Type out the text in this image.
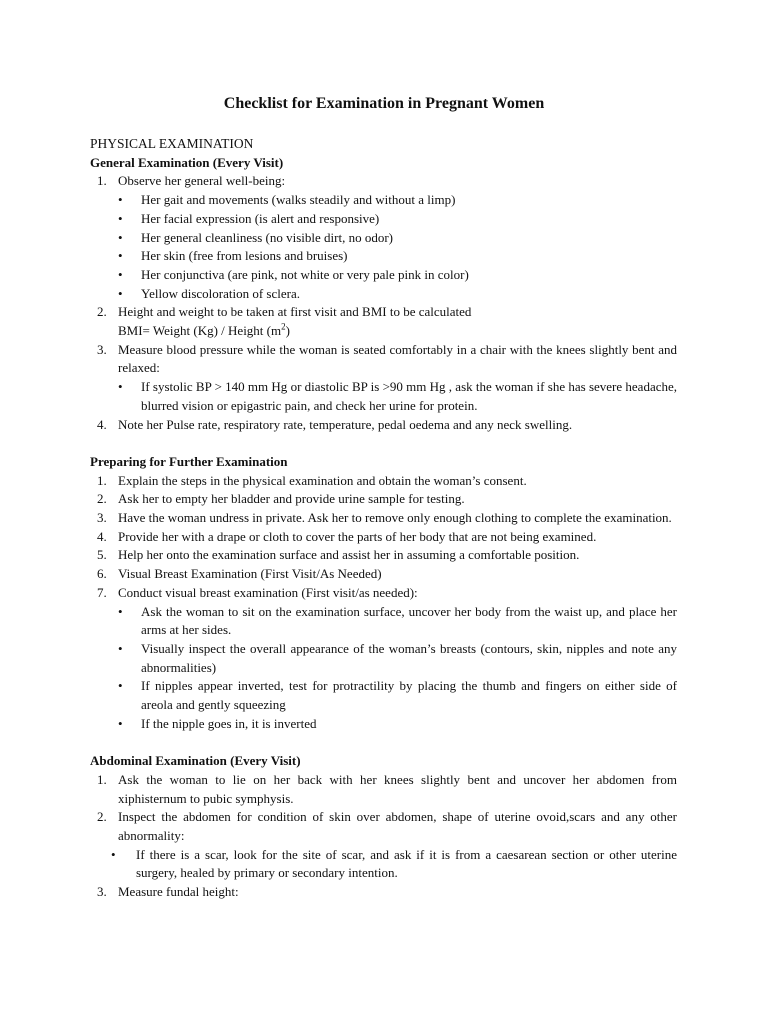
Checklist for Examination in Pregnant Women

PHYSICAL EXAMINATION

General Examination (Every Visit)

1. Observe her general well-being:
• Her gait and movements (walks steadily and without a limp)
• Her facial expression (is alert and responsive)
• Her general cleanliness (no visible dirt, no odor)
• Her skin (free from lesions and bruises)
• Her conjunctiva (are pink, not white or very pale pink in color)
• Yellow discoloration of sclera.
2. Height and weight to be taken at first visit and BMI to be calculated
BMI= Weight (Kg) / Height $(m^2)$
3. Measure blood pressure while the woman is seated comfortably in a chair with the knees slightly bent and relaxed:
• If systolic BP > 140 mm Hg or diastolic BP is >90 mm Hg , ask the woman if she has severe headache, blurred vision or epigastric pain, and check her urine for protein.
4. Note her Pulse rate, respiratory rate, temperature, pedal oedema and any neck swelling.

Preparing for Further Examination

1. Explain the steps in the physical examination and obtain the woman’s consent.
2. Ask her to empty her bladder and provide urine sample for testing.
3. Have the woman undress in private. Ask her to remove only enough clothing to complete the examination.
4. Provide her with a drape or cloth to cover the parts of her body that are not being examined.
5. Help her onto the examination surface and assist her in assuming a comfortable position.
6. Visual Breast Examination (First Visit/As Needed)
7. Conduct visual breast examination (First visit/as needed):
• Ask the woman to sit on the examination surface, uncover her body from the waist up, and place her arms at her sides.
• Visually inspect the overall appearance of the woman’s breasts (contours, skin, nipples and note any abnormalities)
• If nipples appear inverted, test for protractility by placing the thumb and fingers on either side of areola and gently squeezing
• If the nipple goes in, it is inverted

Abdominal Examination (Every Visit)

1. Ask the woman to lie on her back with her knees slightly bent and uncover her abdomen from xiphisternum to pubic symphysis.
2. Inspect the abdomen for condition of skin over abdomen, shape of uterine ovoid,scars and any other abnormality:
• If there is a scar, look for the site of scar, and ask if it is from a caesarean section or other uterine surgery, healed by primary or secondary intention.
3. Measure fundal height:
